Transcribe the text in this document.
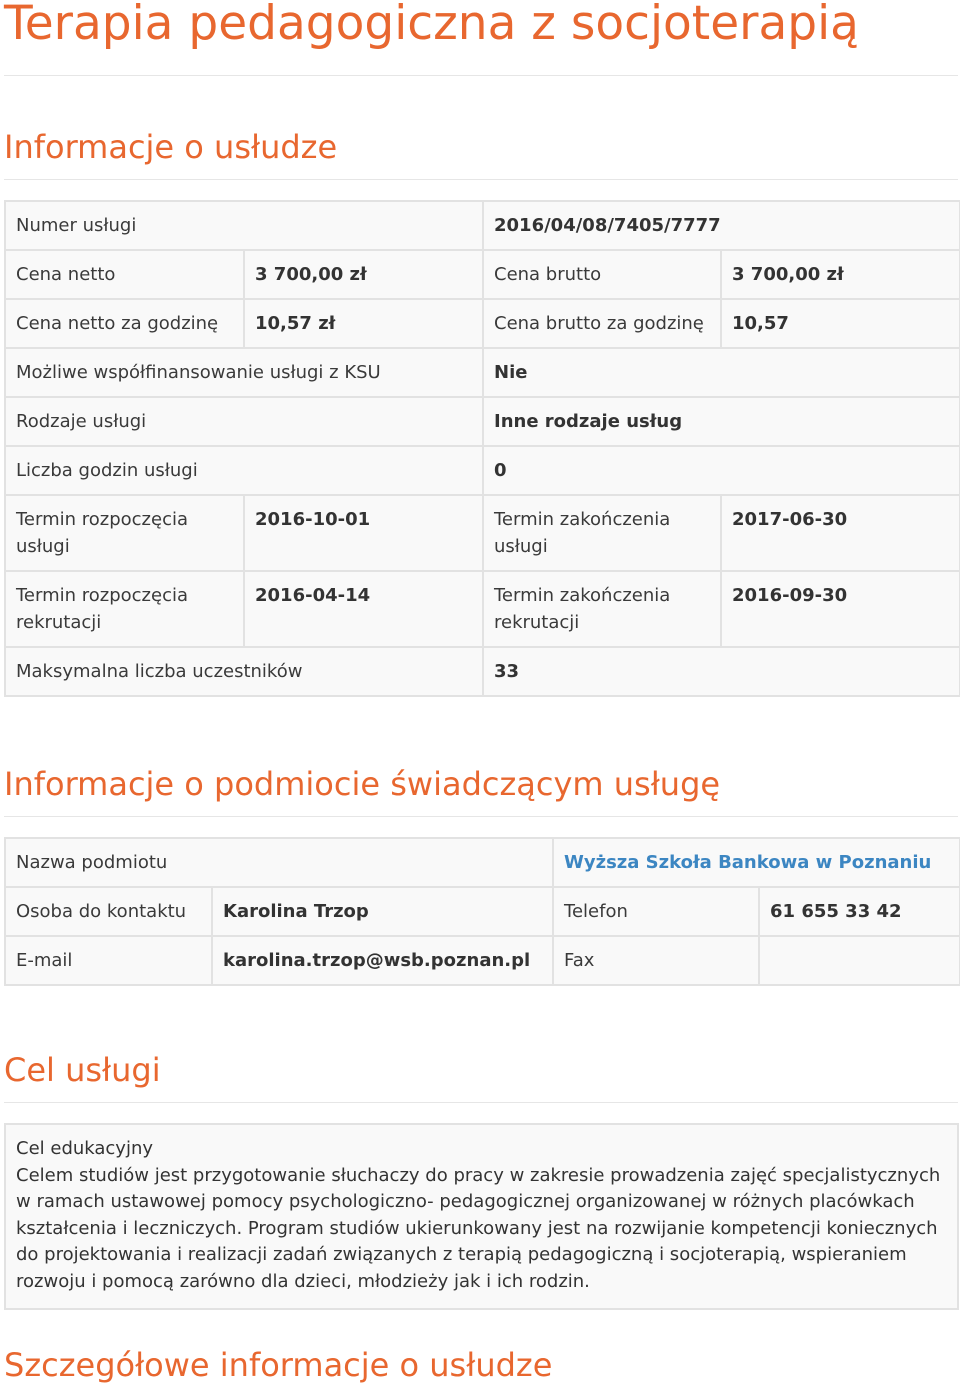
Terapia pedagogiczna z socjoterapią
Informacje o usłudze
Numer usługi		2016/04/08/7405/7777	
Cena netto	3 700,00 zł	Cena brutto	3 700,00 zł
Cena netto za godzinę	10,57 zł	Cena brutto za godzinę	10,57
Możliwe współfinansowanie usługi z KSU		Nie	
Rodzaje usługi		Inne rodzaje usług	
Liczba godzin usługi		0	
Termin rozpoczęcia usługi	2016-10-01	Termin zakończenia usługi	2017-06-30
Termin rozpoczęcia rekrutacji	2016-04-14	Termin zakończenia rekrutacji	2016-09-30
Maksymalna liczba uczestników		33	
Informacje o podmiocie świadczącym usługę
Nazwa podmiotu		Wyższa Szkoła Bankowa w Poznaniu	
Osoba do kontaktu	Karolina Trzop	Telefon	61 655 33 42
E-mail	karolina.trzop@wsb.poznan.pl	Fax	
Cel usługi

Cel edukacyjny

Celem studiów jest przygotowanie słuchaczy do pracy w zakresie prowadzenia zajęć specjalistycznych w ramach ustawowej pomocy psychologiczno- pedagogicznej organizowanej w różnych placówkach kształcenia i leczniczych. Program studiów ukierunkowany jest na rozwijanie kompetencji koniecznych do projektowania i realizacji zadań związanych z terapią pedagogiczną i socjoterapią, wspieraniem rozwoju i pomocą zarówno dla dzieci, młodzieży jak i ich rodzin.

Szczegółowe informacje o usłudze
